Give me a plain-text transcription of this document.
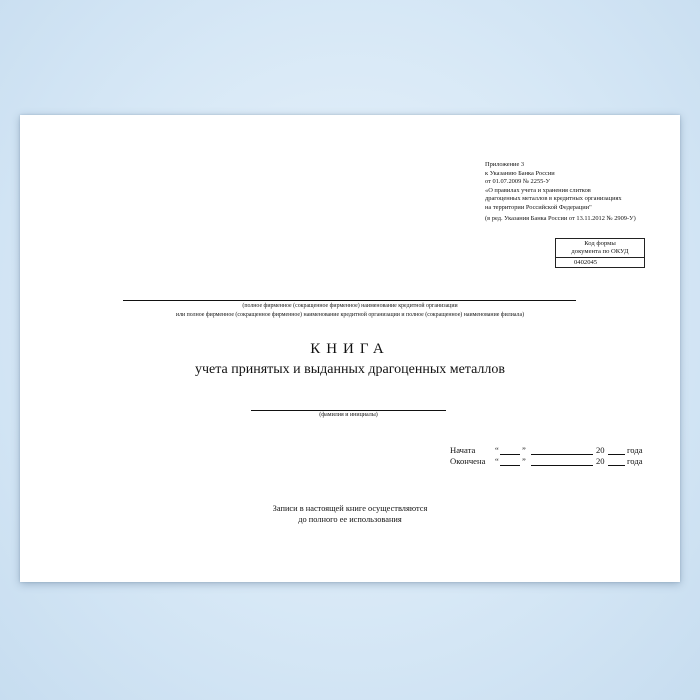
Приложение 3
к Указанию Банка России
от 01.07.2009 № 2255-У
«О правилах учета и хранения слитков
драгоценных металлов в кредитных организациях
на территории Российской Федерации"
(в ред. Указания Банка России от 13.11.2012 № 2909-У)
Код формы
документа по ОКУД
0402045
(полное фирменное (сокращенное фирменное) наименование кредитной организации
или полное фирменное (сокращенное фирменное) наименование кредитной организации и полное (сокращенное) наименование филиала)
КНИГА
учета принятых и выданных драгоценных металлов
(фамилия и инициалы)
Начата “	”	20	года
Окончена “	”	20	года
Записи в настоящей книге осуществляются
до полного ее использования
